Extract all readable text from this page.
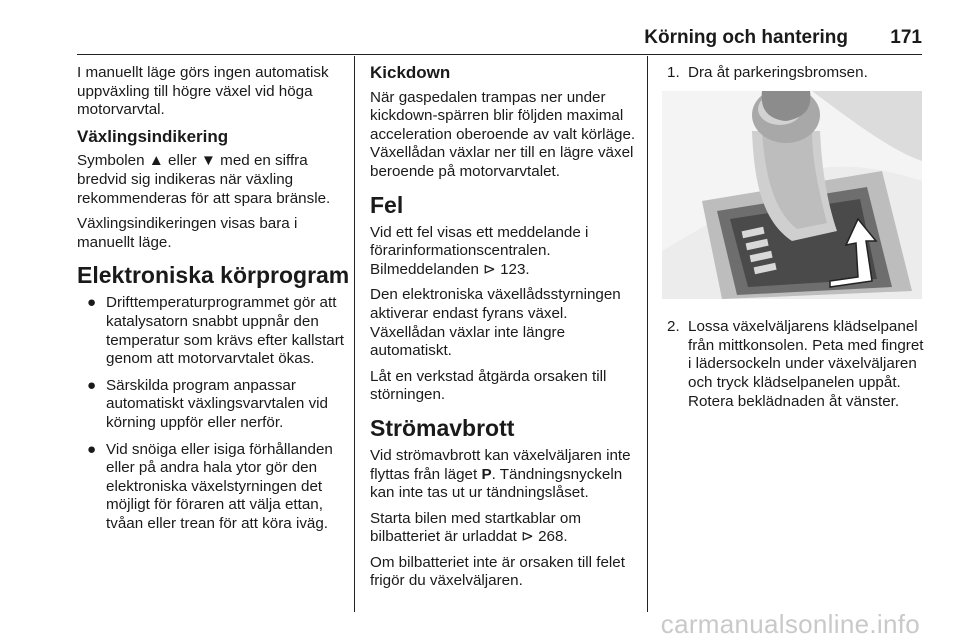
Körning och hantering 171

I manuellt läge görs ingen automatisk uppväxling till högre växel vid höga motorvarvtal.

Växlingsindikering

Symbolen ▲ eller ▼ med en siffra bredvid sig indikeras när växling rekommenderas för att spara bränsle.

Växlingsindikeringen visas bara i manuellt läge.

Elektroniska körprogram
● Drifttemperaturprogrammet gör att katalysatorn snabbt uppnår den temperatur som krävs efter kallstart genom att motorvarvtalet ökas.
● Särskilda program anpassar automatiskt växlingsvarvtalen vid körning uppför eller nerför.
● Vid snöiga eller isiga förhållanden eller på andra hala ytor gör den elektroniska växelstyrningen det möjligt för föraren att välja ettan, tvåan eller trean för att köra iväg.
Kickdown

När gaspedalen trampas ner under kickdown-spärren blir följden maximal acceleration oberoende av valt körläge. Växellådan växlar ner till en lägre växel beroende på motorvarvtalet.

Fel

Vid ett fel visas ett meddelande i förarinformationscentralen. Bilmeddelanden ⊳ 123.

Den elektroniska växellådsstyrningen aktiverar endast fyrans växel. Växellådan växlar inte längre automatiskt.

Låt en verkstad åtgärda orsaken till störningen.

Strömavbrott

Vid strömavbrott kan växelväljaren inte flyttas från läget P. Tändningsnyckeln kan inte tas ut ur tändningslåset.

Starta bilen med startkablar om bilbatteriet är urladdat ⊳ 268.

Om bilbatteriet inte är orsaken till felet frigör du växelväljaren.

1. Dra åt parkeringsbromsen.
2. Lossa växelväljarens klädselpanel från mittkonsolen. Peta med fingret i lädersockeln under växelväljaren och tryck klädselpanelen uppåt. Rotera beklädnaden åt vänster.
carmanualsonline.info
